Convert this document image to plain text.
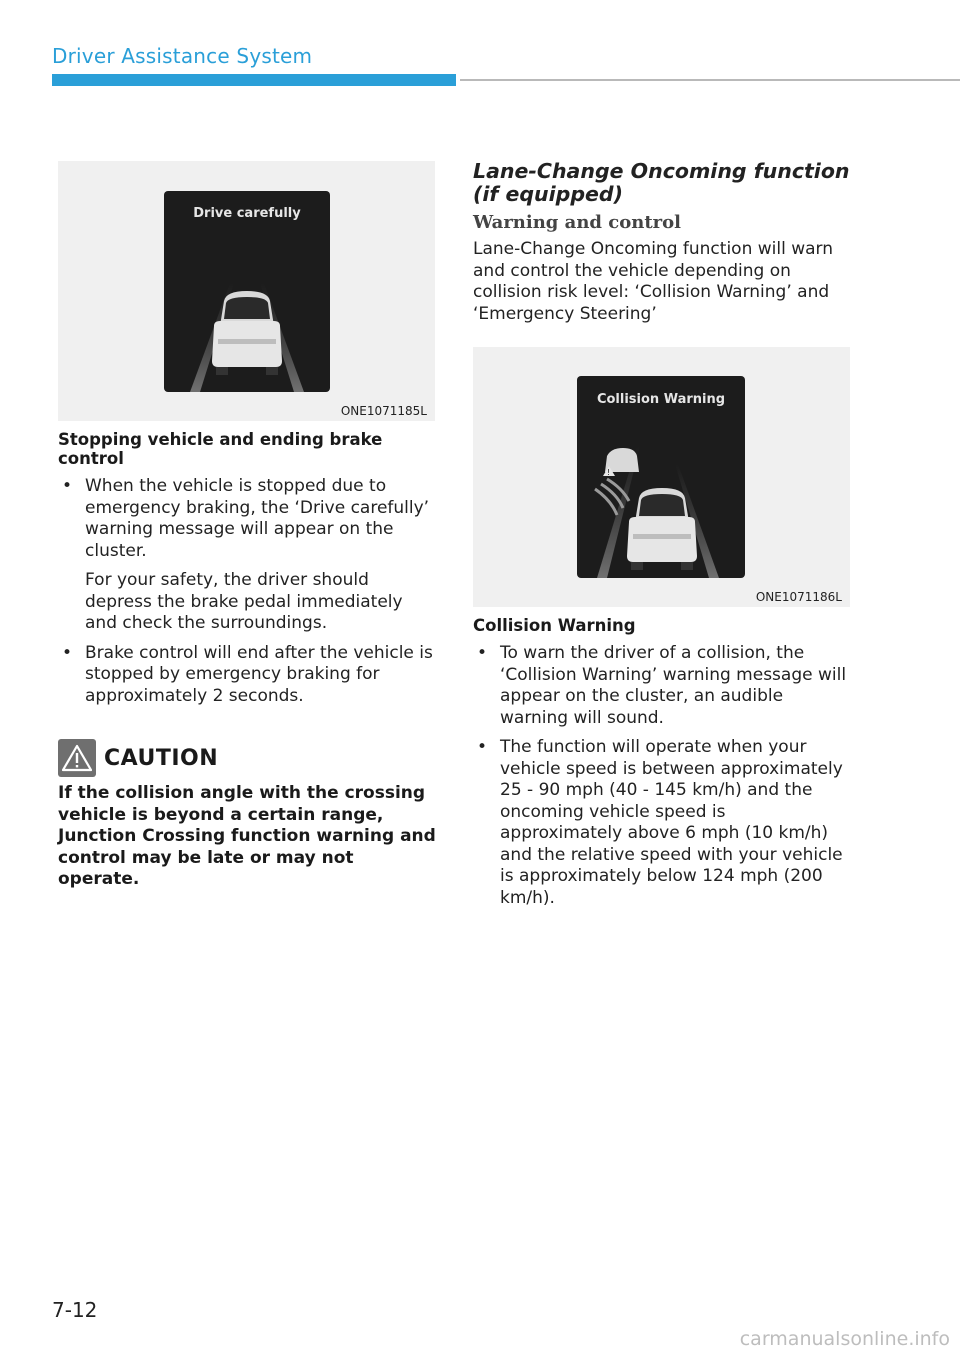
Driver Assistance System
Drive carefully
ONE1071185L
Stopping vehicle and ending brake control
• When the vehicle is stopped due to emergency braking, the ‘Drive carefully’ warning message will appear on the cluster.

For your safety, the driver should depress the brake pedal immediately and check the surroundings.

• Brake control will end after the vehicle is stopped by emergency braking for approximately 2 seconds.

CAUTION
If the collision angle with the crossing vehicle is beyond a certain range, Junction Crossing function warning and control may be late or may not operate.
Lane-Change Oncoming function (if equipped)
Warning and control

Lane-Change Oncoming function will warn and control the vehicle depending on collision risk level: ‘Collision Warning’ and ‘Emergency Steering’

!
Collision Warning
ONE1071186L
Collision Warning
• To warn the driver of a collision, the ‘Collision Warning’ warning message will appear on the cluster, an audible warning will sound.

• The function will operate when your vehicle speed is between approximately 25 - 90 mph (40 - 145 km/h) and the oncoming vehicle speed is approximately above 6 mph (10 km/h) and the relative speed with your vehicle is approximately below 124 mph (200 km/h).

7-12
carmanualsonline.info
